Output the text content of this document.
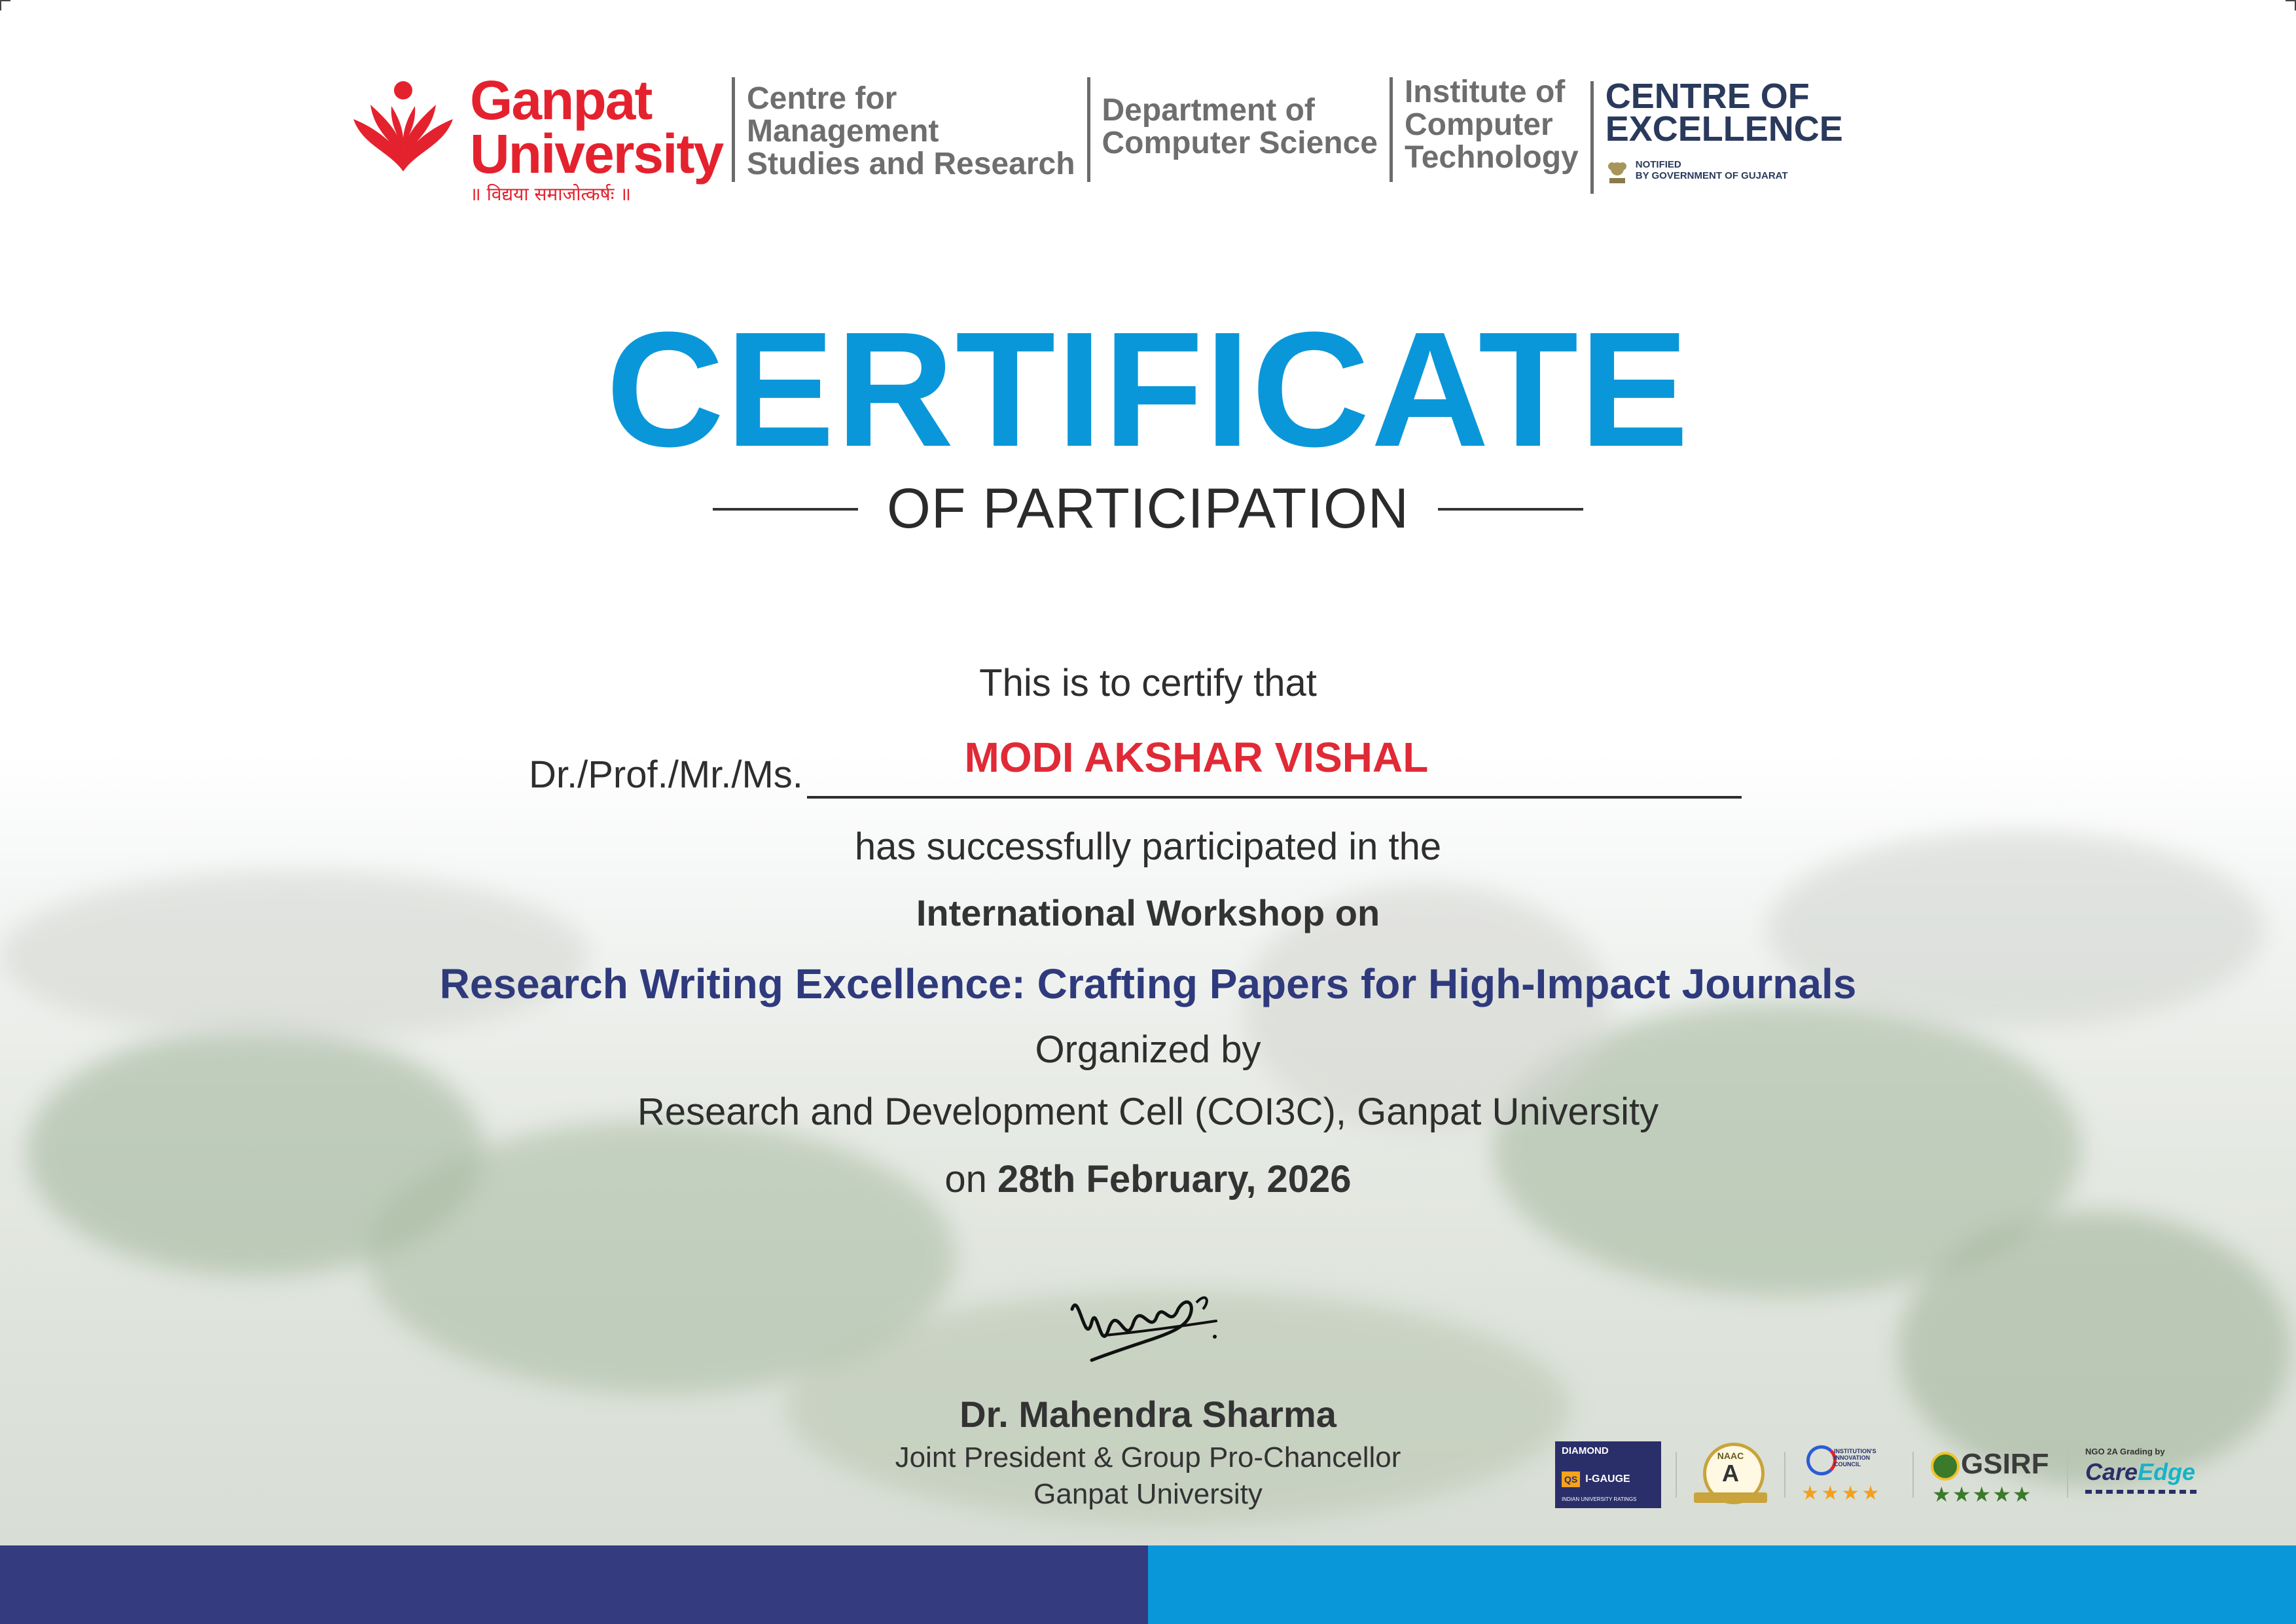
Ganpat
University
॥ विद्यया समाजोत्कर्षः ॥
Centre for
Management
Studies and Research
Department of
Computer Science
Institute of
Computer
Technology
CENTRE OF
EXCELLENCE
NOTIFIED
BY GOVERNMENT OF GUJARAT
CERTIFICATE
OF PARTICIPATION
This is to certify that
Dr./Prof./Mr./Ms.	MODI AKSHAR VISHAL
has successfully participated in the
International Workshop on
Research Writing Excellence: Crafting Papers for High-Impact Journals
Organized by
Research and Development Cell (COI3C), Ganpat University
on 28th February, 2026
Dr. Mahendra Sharma
Joint President & Group Pro-Chancellor
Ganpat University
DIAMOND
QS I-GAUGE
INDIAN UNIVERSITY RATINGS
NAAC
A
INSTITUTION'S
INNOVATION
COUNCIL
★★★★
GSIRF
★★★★★
NGO 2A Grading by
CareEdge
